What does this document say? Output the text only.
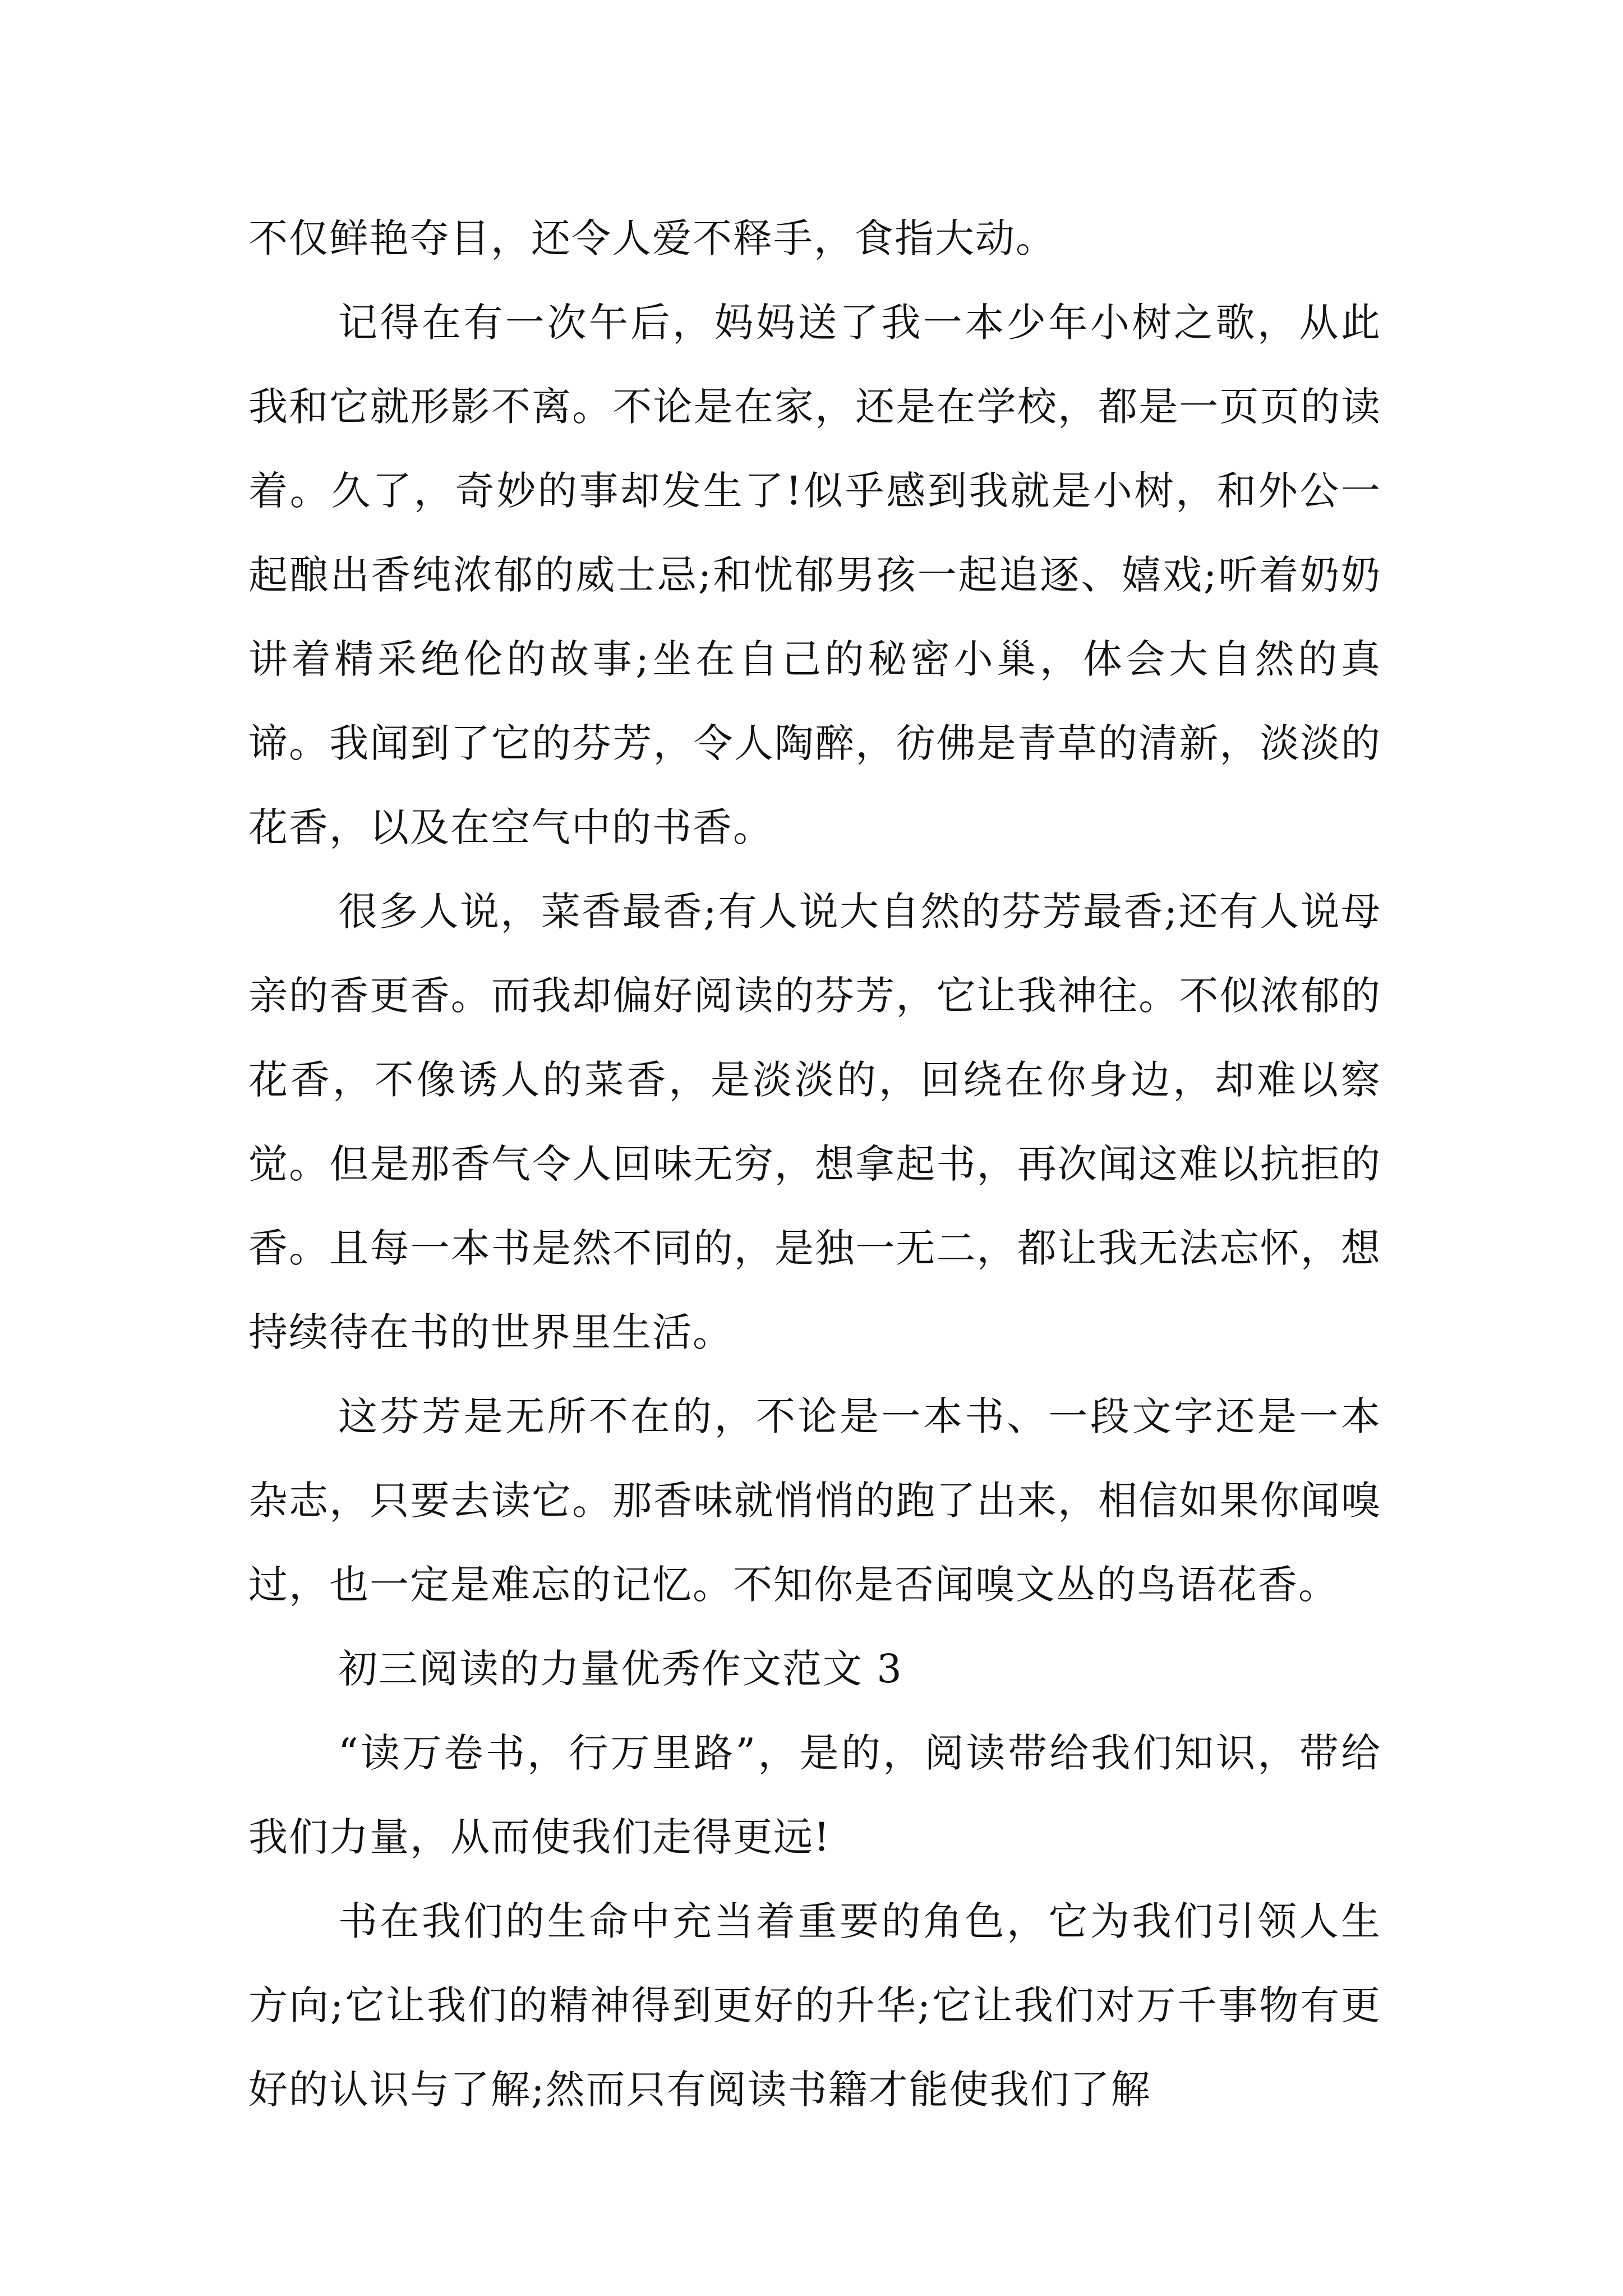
不仅鲜艳夺目，还令人爱不释手，食指大动。

记得在有一次午后，妈妈送了我一本少年小树之歌，从此我和它就形影不离。不论是在家，还是在学校，都是一页页的读着。久了，奇妙的事却发生了!似乎感到我就是小树，和外公一起酿出香纯浓郁的威士忌;和忧郁男孩一起追逐、嬉戏;听着奶奶讲着精采绝伦的故事;坐在自己的秘密小巢，体会大自然的真谛。我闻到了它的芬芳，令人陶醉，彷佛是青草的清新，淡淡的花香，以及在空气中的书香。

很多人说，菜香最香;有人说大自然的芬芳最香;还有人说母亲的香更香。而我却偏好阅读的芬芳，它让我神往。不似浓郁的花香，不像诱人的菜香，是淡淡的，回绕在你身边，却难以察觉。但是那香气令人回味无穷，想拿起书，再次闻这难以抗拒的香。且每一本书是然不同的，是独一无二，都让我无法忘怀，想持续待在书的世界里生活。

这芬芳是无所不在的，不论是一本书、一段文字还是一本杂志，只要去读它。那香味就悄悄的跑了出来，相信如果你闻嗅过，也一定是难忘的记忆。不知你是否闻嗅文丛的鸟语花香。

初三阅读的力量优秀作文范文 3

“读万卷书，行万里路”，是的，阅读带给我们知识，带给我们力量，从而使我们走得更远!

书在我们的生命中充当着重要的角色，它为我们引领人生方向;它让我们的精神得到更好的升华;它让我们对万千事物有更好的认识与了解;然而只有阅读书籍才能使我们了解
